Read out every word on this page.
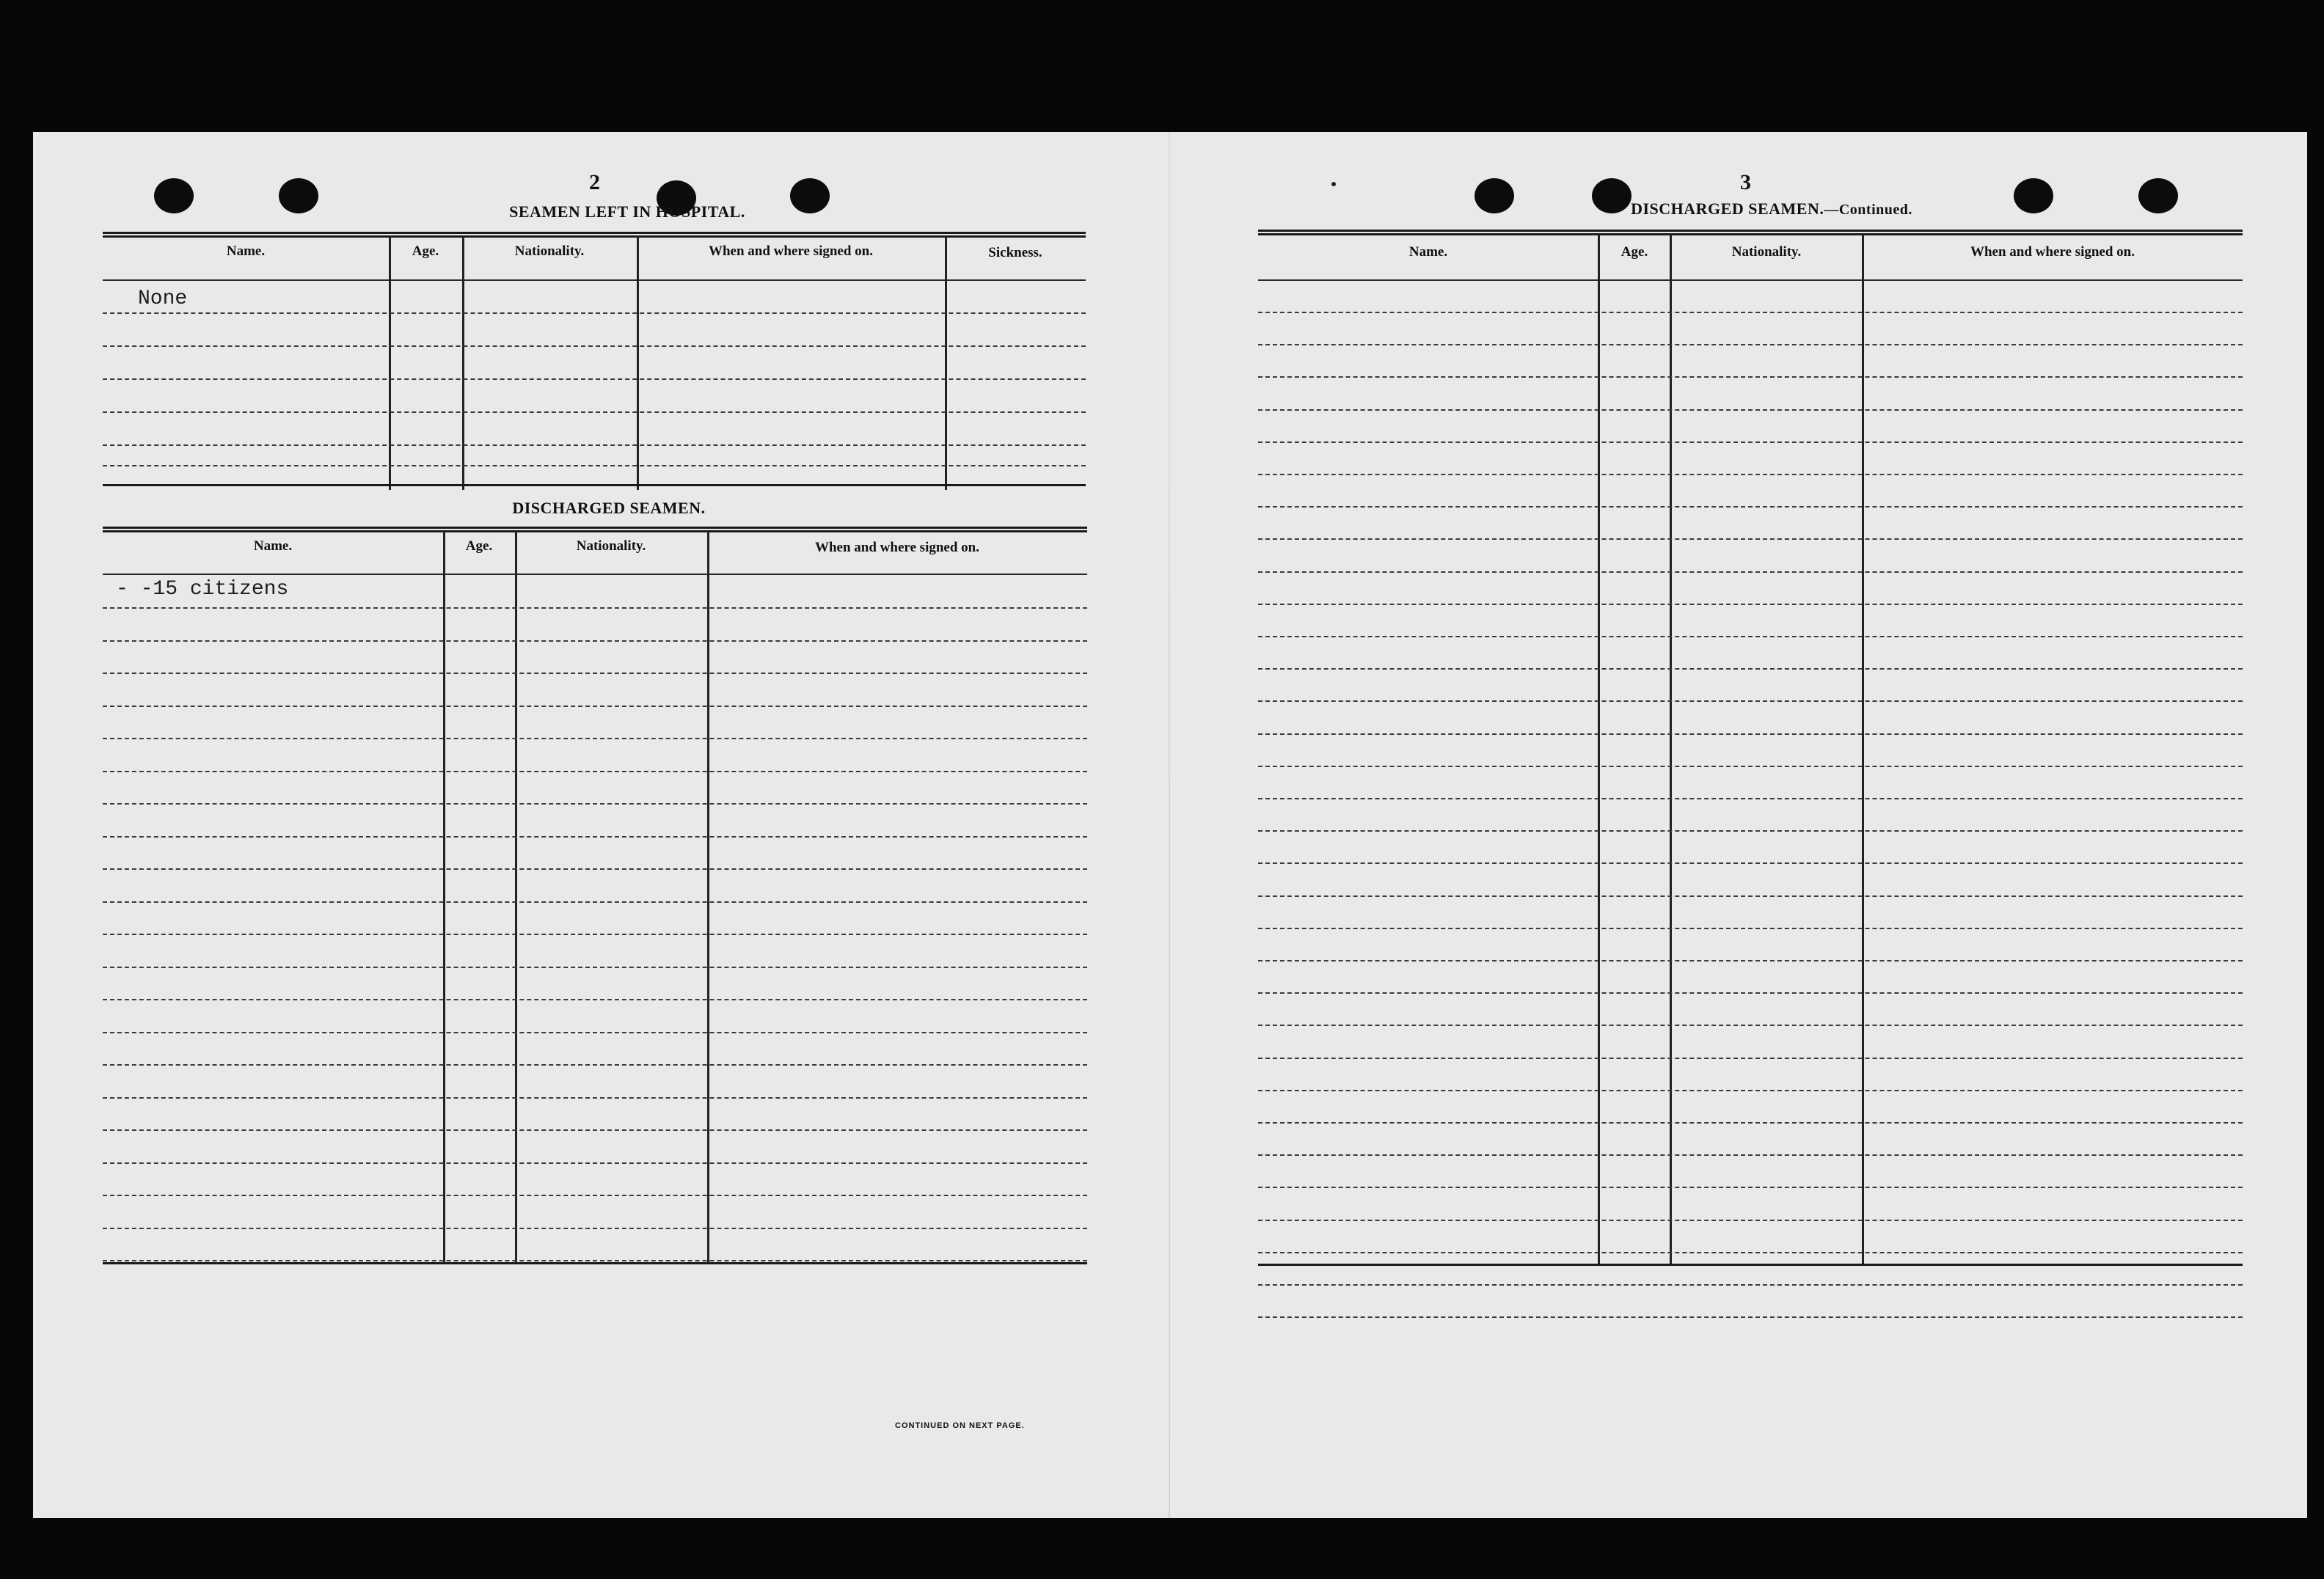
2
SEAMEN LEFT IN HOSPITAL.
Name.	Age.	Nationality.	When and where signed on.	Sickness.
None
DISCHARGED SEAMEN.
Name.	Age.	Nationality.	When and where signed on.
- -15 citizens
CONTINUED ON NEXT PAGE.
3
DISCHARGED SEAMEN.—Continued.
Name.	Age.	Nationality.	When and where signed on.
